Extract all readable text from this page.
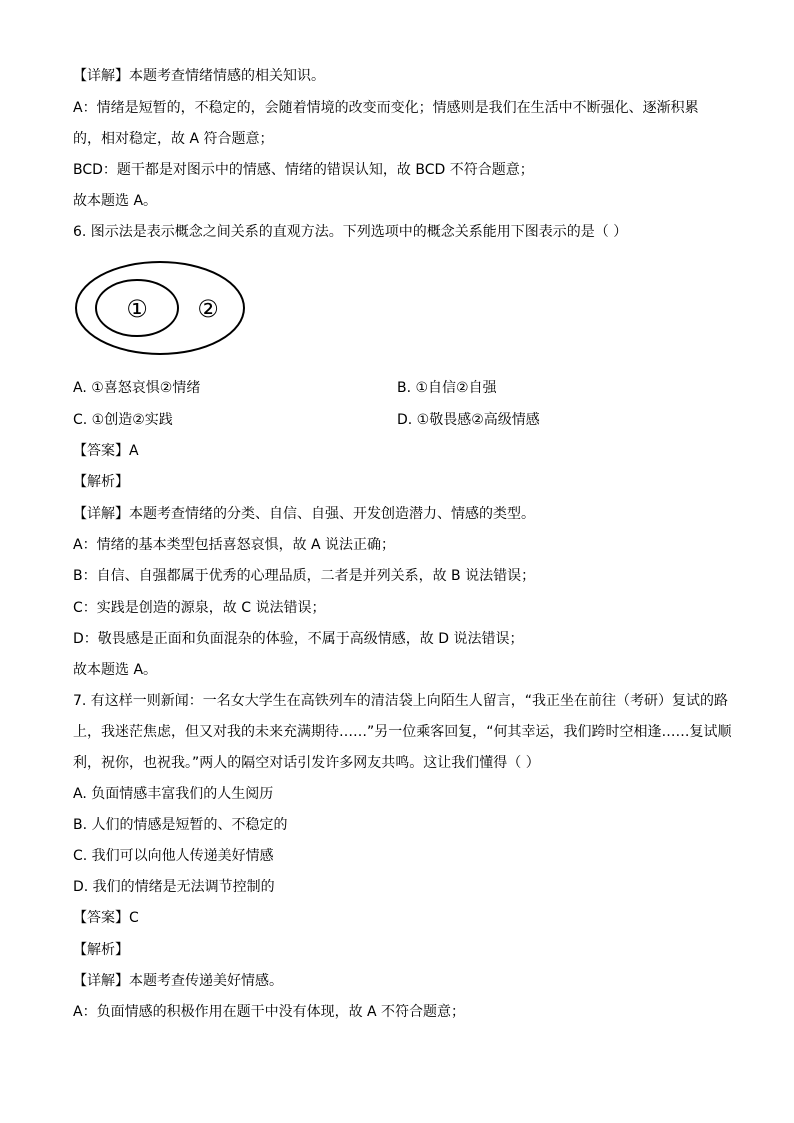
【详解】本题考查情绪情感的相关知识。
A：情绪是短暂的，不稳定的，会随着情境的改变而变化；情感则是我们在生活中不断强化、逐渐积累
的，相对稳定，故 A 符合题意；
BCD：题干都是对图示中的情感、情绪的错误认知，故 BCD 不符合题意；
故本题选 A。
6. 图示法是表示概念之间关系的直观方法。下列选项中的概念关系能用下图表示的是（ ）
① ②
A. ①喜怒哀惧②情绪	B. ①自信②自强
C. ①创造②实践	D. ①敬畏感②高级情感
【答案】A
【解析】
【详解】本题考查情绪的分类、自信、自强、开发创造潜力、情感的类型。
A：情绪的基本类型包括喜怒哀惧，故 A 说法正确；
B：自信、自强都属于优秀的心理品质，二者是并列关系，故 B 说法错误；
C：实践是创造的源泉，故 C 说法错误；
D：敬畏感是正面和负面混杂的体验，不属于高级情感，故 D 说法错误；
故本题选 A。
7. 有这样一则新闻：一名女大学生在高铁列车的清洁袋上向陌生人留言，“我正坐在前往（考研）复试的路
上，我迷茫焦虑，但又对我的未来充满期待……”另一位乘客回复，“何其幸运，我们跨时空相逢……复试顺
利，祝你，也祝我。”两人的隔空对话引发许多网友共鸣。这让我们懂得（ ）
A. 负面情感丰富我们的人生阅历
B. 人们的情感是短暂的、不稳定的
C. 我们可以向他人传递美好情感
D. 我们的情绪是无法调节控制的
【答案】C
【解析】
【详解】本题考查传递美好情感。
A：负面情感的积极作用在题干中没有体现，故 A 不符合题意；
